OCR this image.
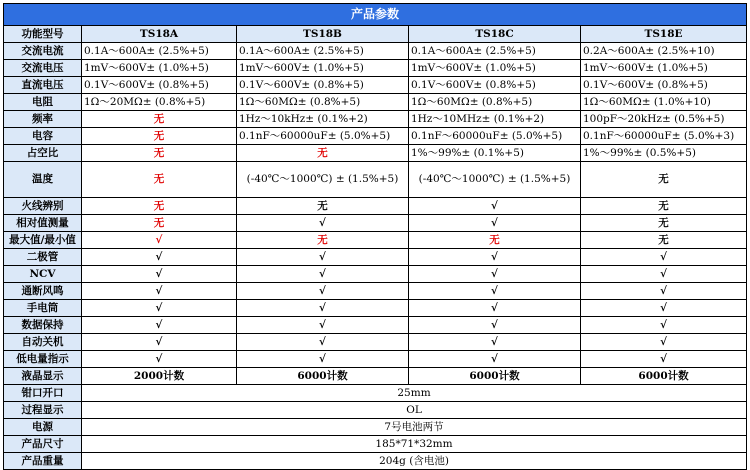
产品参数				
功能型号	TS18A	TS18B	TS18C	TS18E
交流电流	0.1A～600A± (2.5%+5)	0.1A～600A± (2.5%+5)	0.1A～600A± (2.5%+5)	0.2A～600A± (2.5%+10)
交流电压	1mV～600V± (1.0%+5)	1mV～600V± (1.0%+5)	1mV～600V± (1.0%+5)	1mV～600V± (1.0%+5)
直流电压	0.1V～600V± (0.8%+5)	0.1V～600V± (0.8%+5)	0.1V～600V± (0.8%+5)	0.1V～600V± (0.8%+5)
电阻	1Ω～20MΩ± (0.8%+5)	1Ω～60MΩ± (0.8%+5)	1Ω～60MΩ± (0.8%+5)	1Ω～60MΩ± (1.0%+10)
频率	无	1Hz～10kHz± (0.1%+2)	1Hz～10MHz± (0.1%+2)	100pF～20kHz± (0.5%+5)
电容	无	0.1nF～60000uF± (5.0%+5)	0.1nF～60000uF± (5.0%+5)	0.1nF～60000uF± (5.0%+3)
占空比	无	无	1%～99%± (0.1%+5)	1%～99%± (0.5%+5)
温度	无	(-40℃～1000℃) ± (1.5%+5)	(-40℃～1000℃) ± (1.5%+5)	无
火线辨别	无	无	√	无
相对值测量	无	√	√	无
最大值/最小值	√	无	无	无
二极管	√	√	√	√
NCV	√	√	√	√
通断风鸣	√	√	√	√
手电筒	√	√	√	√
数据保持	√	√	√	√
自动关机	√	√	√	√
低电量指示	√	√	√	√
液晶显示	2000计数	6000计数	6000计数	6000计数
钳口开口	25mm			
过程显示	OL			
电源	7号电池两节			
产品尺寸	185*71*32mm			
产品重量	204g (含电池)			
